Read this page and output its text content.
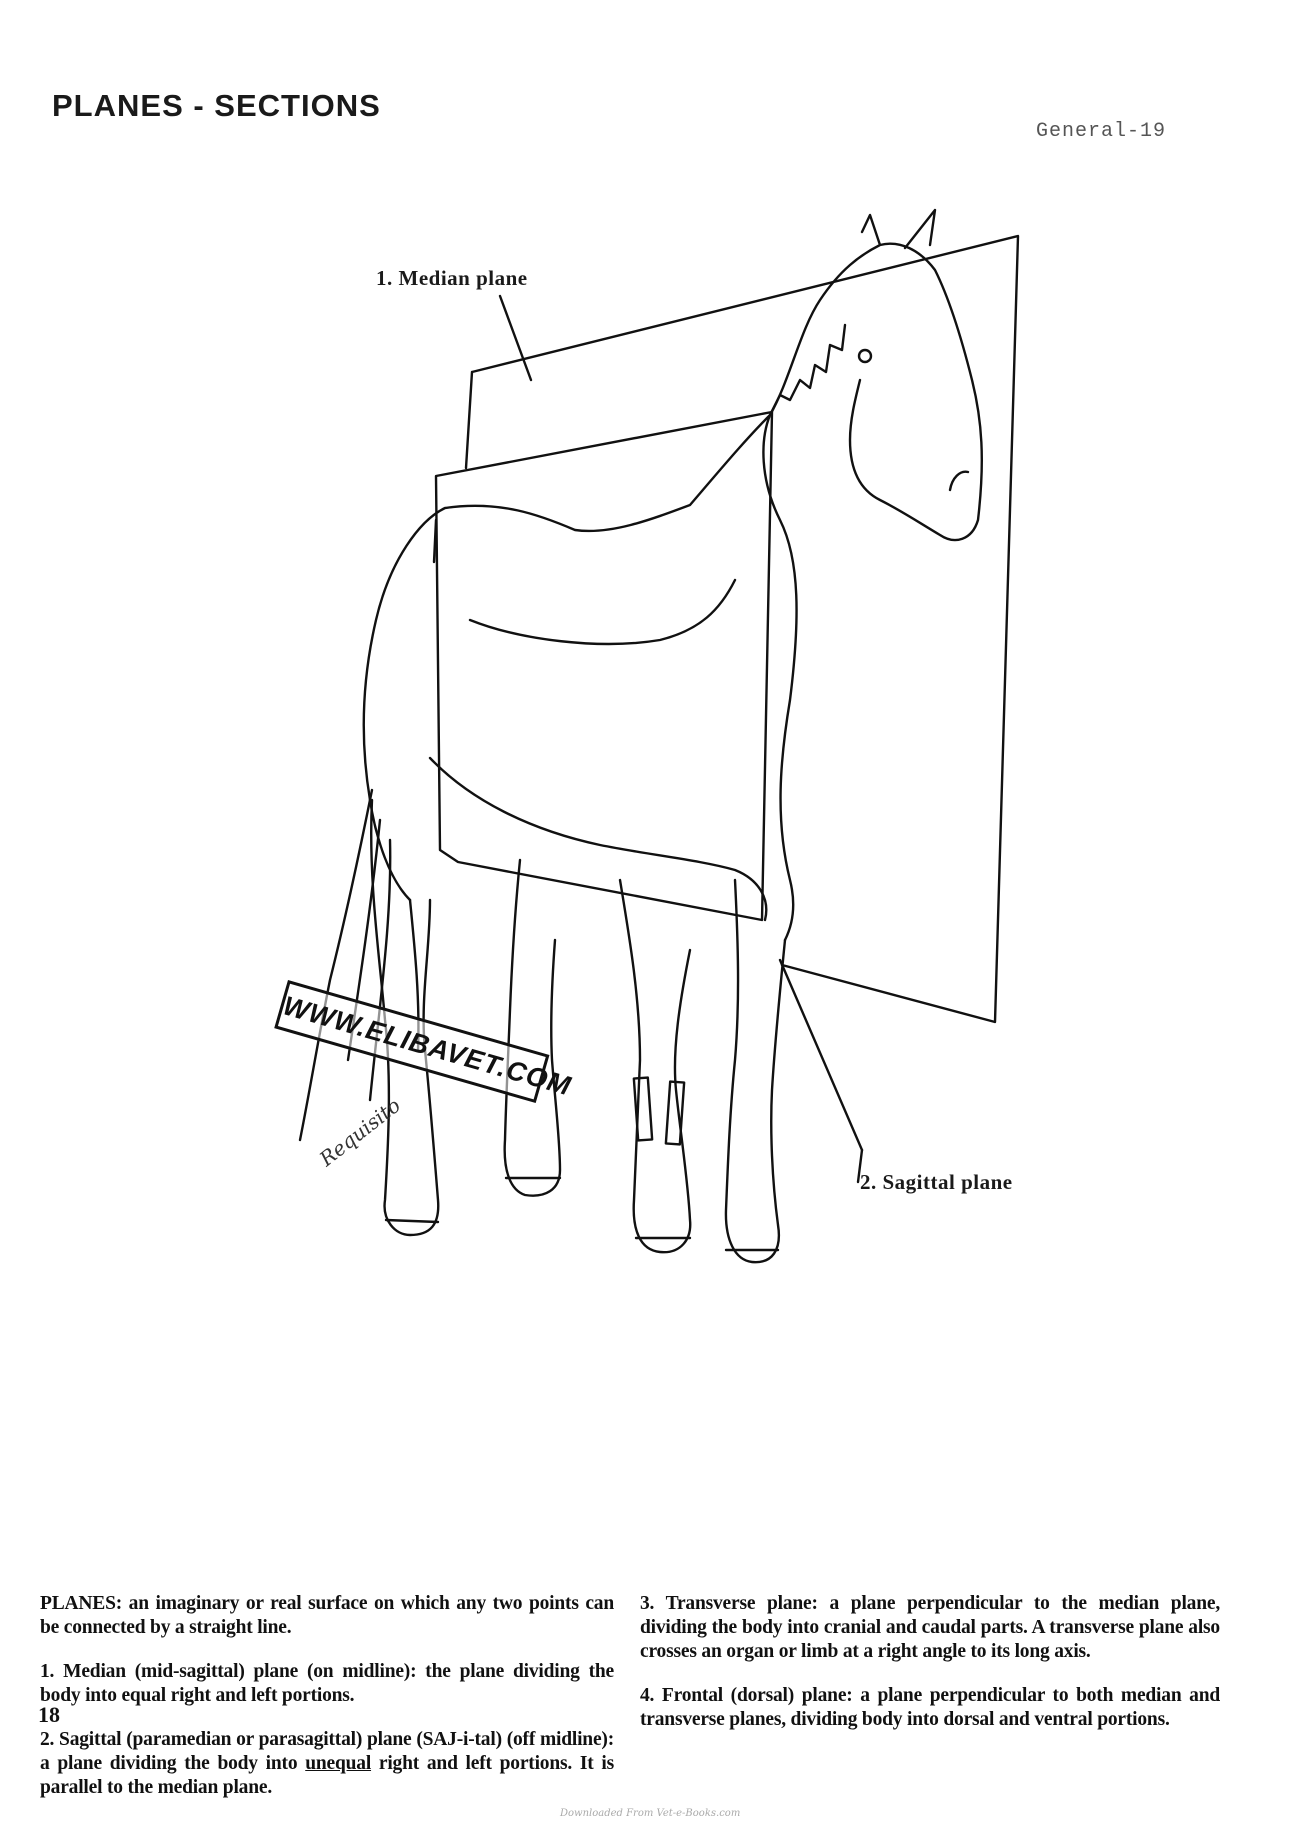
PLANES - SECTIONS
General-19
1. Median plane
2. Sagittal plane
WWW.ELIBAVET.COM
Requisito

PLANES: an imaginary or real surface on which any two points can be connected by a straight line.

1. Median (mid-sagittal) plane (on midline): the plane dividing the body into equal right and left portions.

2. Sagittal (paramedian or parasagittal) plane (SAJ-i-tal) (off midline): a plane dividing the body into unequal right and left portions. It is parallel to the median plane.

3. Transverse plane: a plane perpendicular to the median plane, dividing the body into cranial and caudal parts. A transverse plane also crosses an organ or limb at a right angle to its long axis.

4. Frontal (dorsal) plane: a plane perpendicular to both median and transverse planes, dividing body into dorsal and ventral portions.

18
Downloaded From Vet-e-Books.com
